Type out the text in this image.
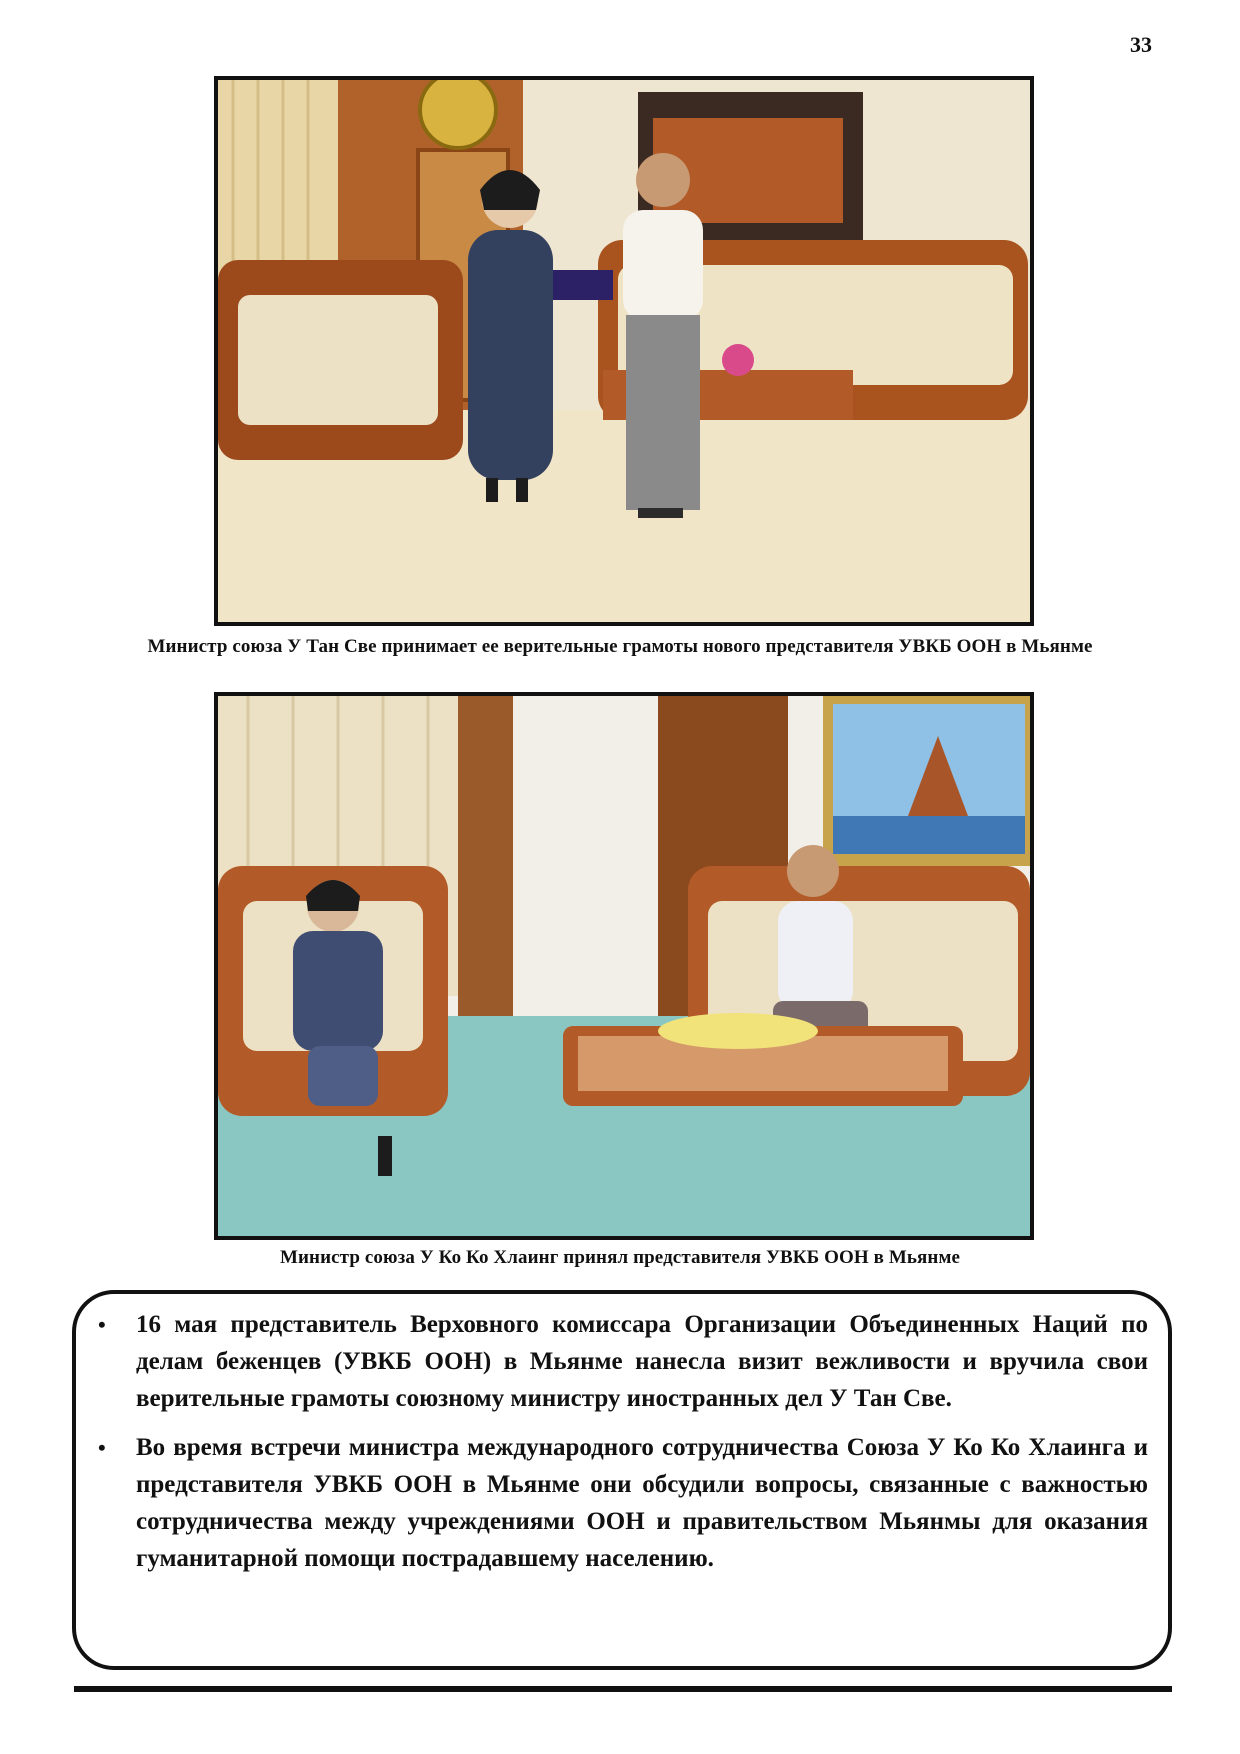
33
Министр союза У Тан Све принимает ее верительные грамоты нового представителя УВКБ ООН в Мьянме
Министр союза У Ко Ко Хлаинг принял представителя УВКБ ООН в Мьянме
• 16 мая представитель Верховного комиссара Организации Объединенных Наций по делам беженцев (УВКБ ООН) в Мьянме нанесла визит вежливости и вручила свои верительные грамоты союзному министру иностранных дел У Тан Све.
• Во время встречи министра международного сотрудничества Союза У Ко Ко Хлаинга и представителя УВКБ ООН в Мьянме они обсудили вопросы, связанные с важностью сотрудничества между учреждениями ООН и правительством Мьянмы для оказания гуманитарной помощи пострадавшему населению.
